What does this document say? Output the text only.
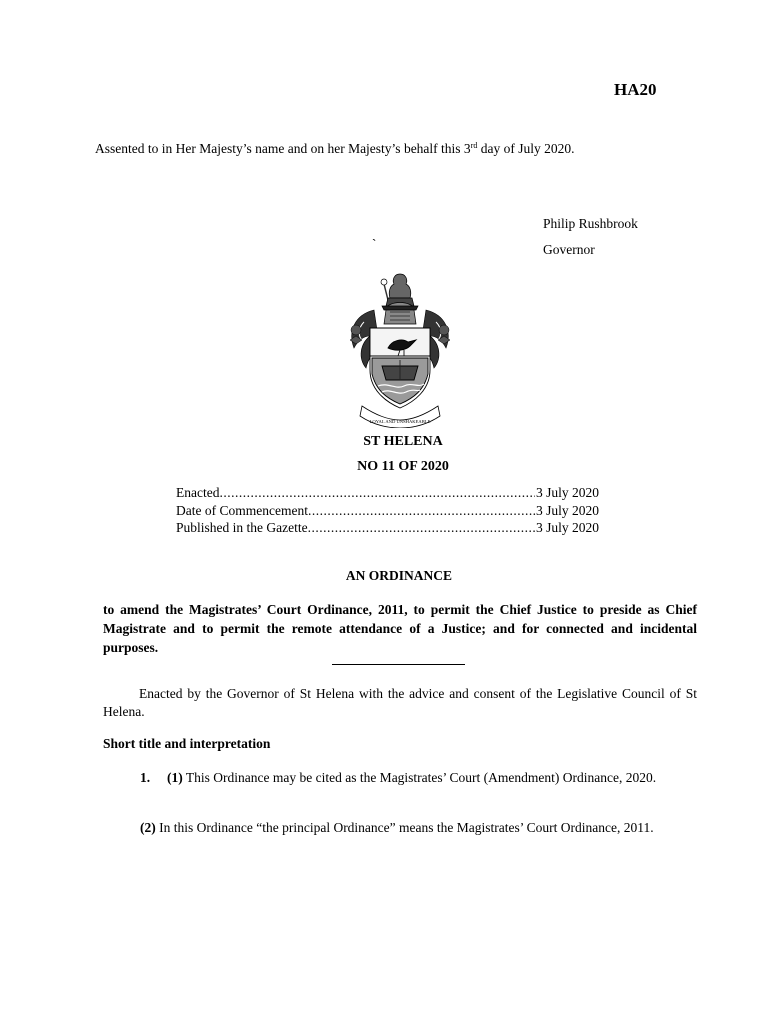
HA20
Assented to in Her Majesty’s name and on her Majesty’s behalf this 3rd day of July 2020.
Philip Rushbrook
Governor
`
LOYAL AND UNSHAKEABLE
ST HELENA
NO 11 OF 2020
Enacted .....	3 July 2020
Date of Commencement .....	.3 July 2020
Published in the Gazette .....	3 July 2020
AN ORDINANCE
to amend the Magistrates’ Court Ordinance, 2011, to permit the Chief Justice to preside as Chief Magistrate and to permit the remote attendance of a Justice; and for connected and incidental purposes.
Enacted by the Governor of St Helena with the advice and consent of the Legislative Council of St Helena.
Short title and interpretation
1. (1) This Ordinance may be cited as the Magistrates’ Court (Amendment) Ordinance, 2020.
(2) In this Ordinance “the principal Ordinance” means the Magistrates’ Court Ordinance, 2011.
